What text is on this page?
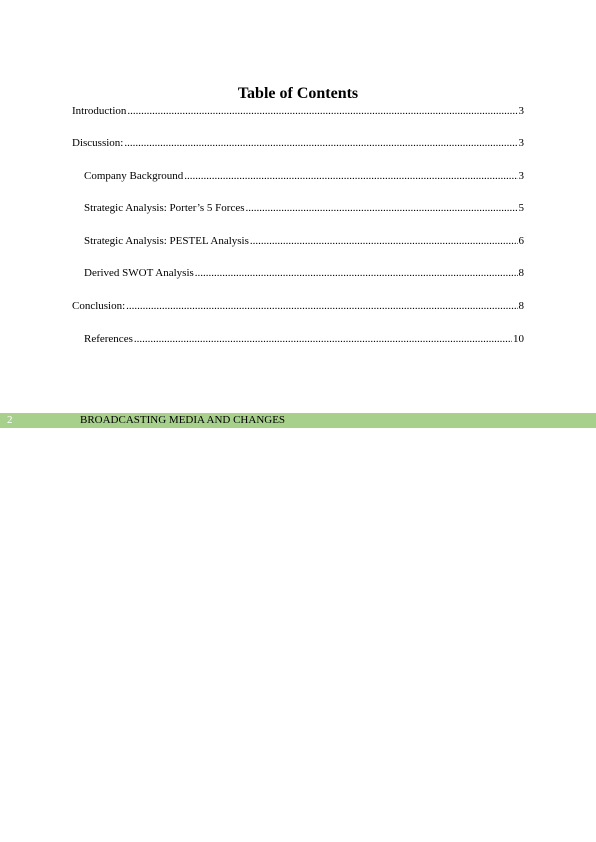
Table of Contents
Introduction .....	3
Discussion: .....	3
Company Background .....	3
Strategic Analysis: Porter’s 5 Forces .....	5
Strategic Analysis: PESTEL Analysis .....	6
Derived SWOT Analysis .....	8
Conclusion: .....	8
References .....	10
2	BROADCASTING MEDIA AND CHANGES
